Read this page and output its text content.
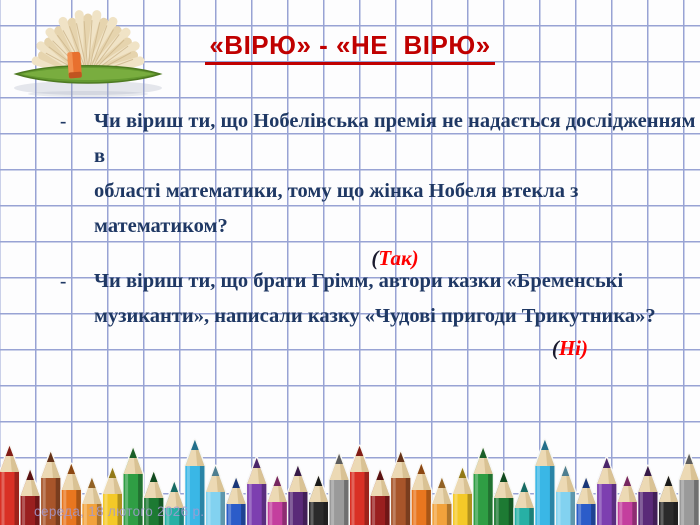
«ВІРЮ» - «НЕ  ВІРЮ»
-	Чи віриш ти, що Нобелівська премія не надається дослідженням в
області математики, тому що жінка Нобеля втекла з математиком?
(Так)
-	Чи віриш ти, що брати Грімм, автори казки «Бременські
музиканти», написали казку «Чудові пригоди Трикутника»?
(Ні)
середа, 18 лютого 2026 р.
